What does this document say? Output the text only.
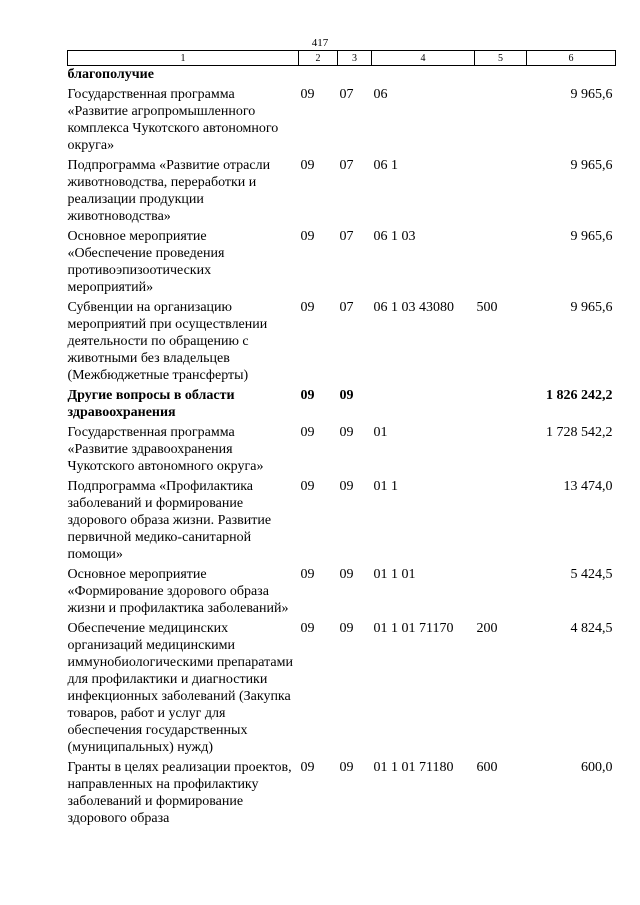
417
1	2	3	4	5	6
благополучие					
Государственная программа «Развитие агропромышленного комплекса Чукотского автономного округа»	09	07	06		9 965,6
Подпрограмма «Развитие отрасли животноводства, переработки и реализации продукции животноводства»	09	07	06 1		9 965,6
Основное мероприятие «Обеспечение проведения противоэпизоотических мероприятий»	09	07	06 1 03		9 965,6
Субвенции на организацию мероприятий при осуществлении деятельности по обращению с животными без владельцев (Межбюджетные трансферты)	09	07	06 1 03 43080	500	9 965,6
Другие вопросы в области здравоохранения	09	09			1 826 242,2
Государственная программа «Развитие здравоохранения Чукотского автономного округа»	09	09	01		1 728 542,2
Подпрограмма «Профилактика заболеваний и формирование здорового образа жизни. Развитие первичной медико-санитарной помощи»	09	09	01 1		13 474,0
Основное мероприятие «Формирование здорового образа жизни и профилактика заболеваний»	09	09	01 1 01		5 424,5
Обеспечение медицинских организаций медицинскими иммунобиологическими препаратами для профилактики и диагностики инфекционных заболеваний (Закупка товаров, работ и услуг для обеспечения государственных (муниципальных) нужд)	09	09	01 1 01 71170	200	4 824,5
Гранты в целях реализации проектов, направленных на профилактику заболеваний и формирование здорового образа	09	09	01 1 01 71180	600	600,0
